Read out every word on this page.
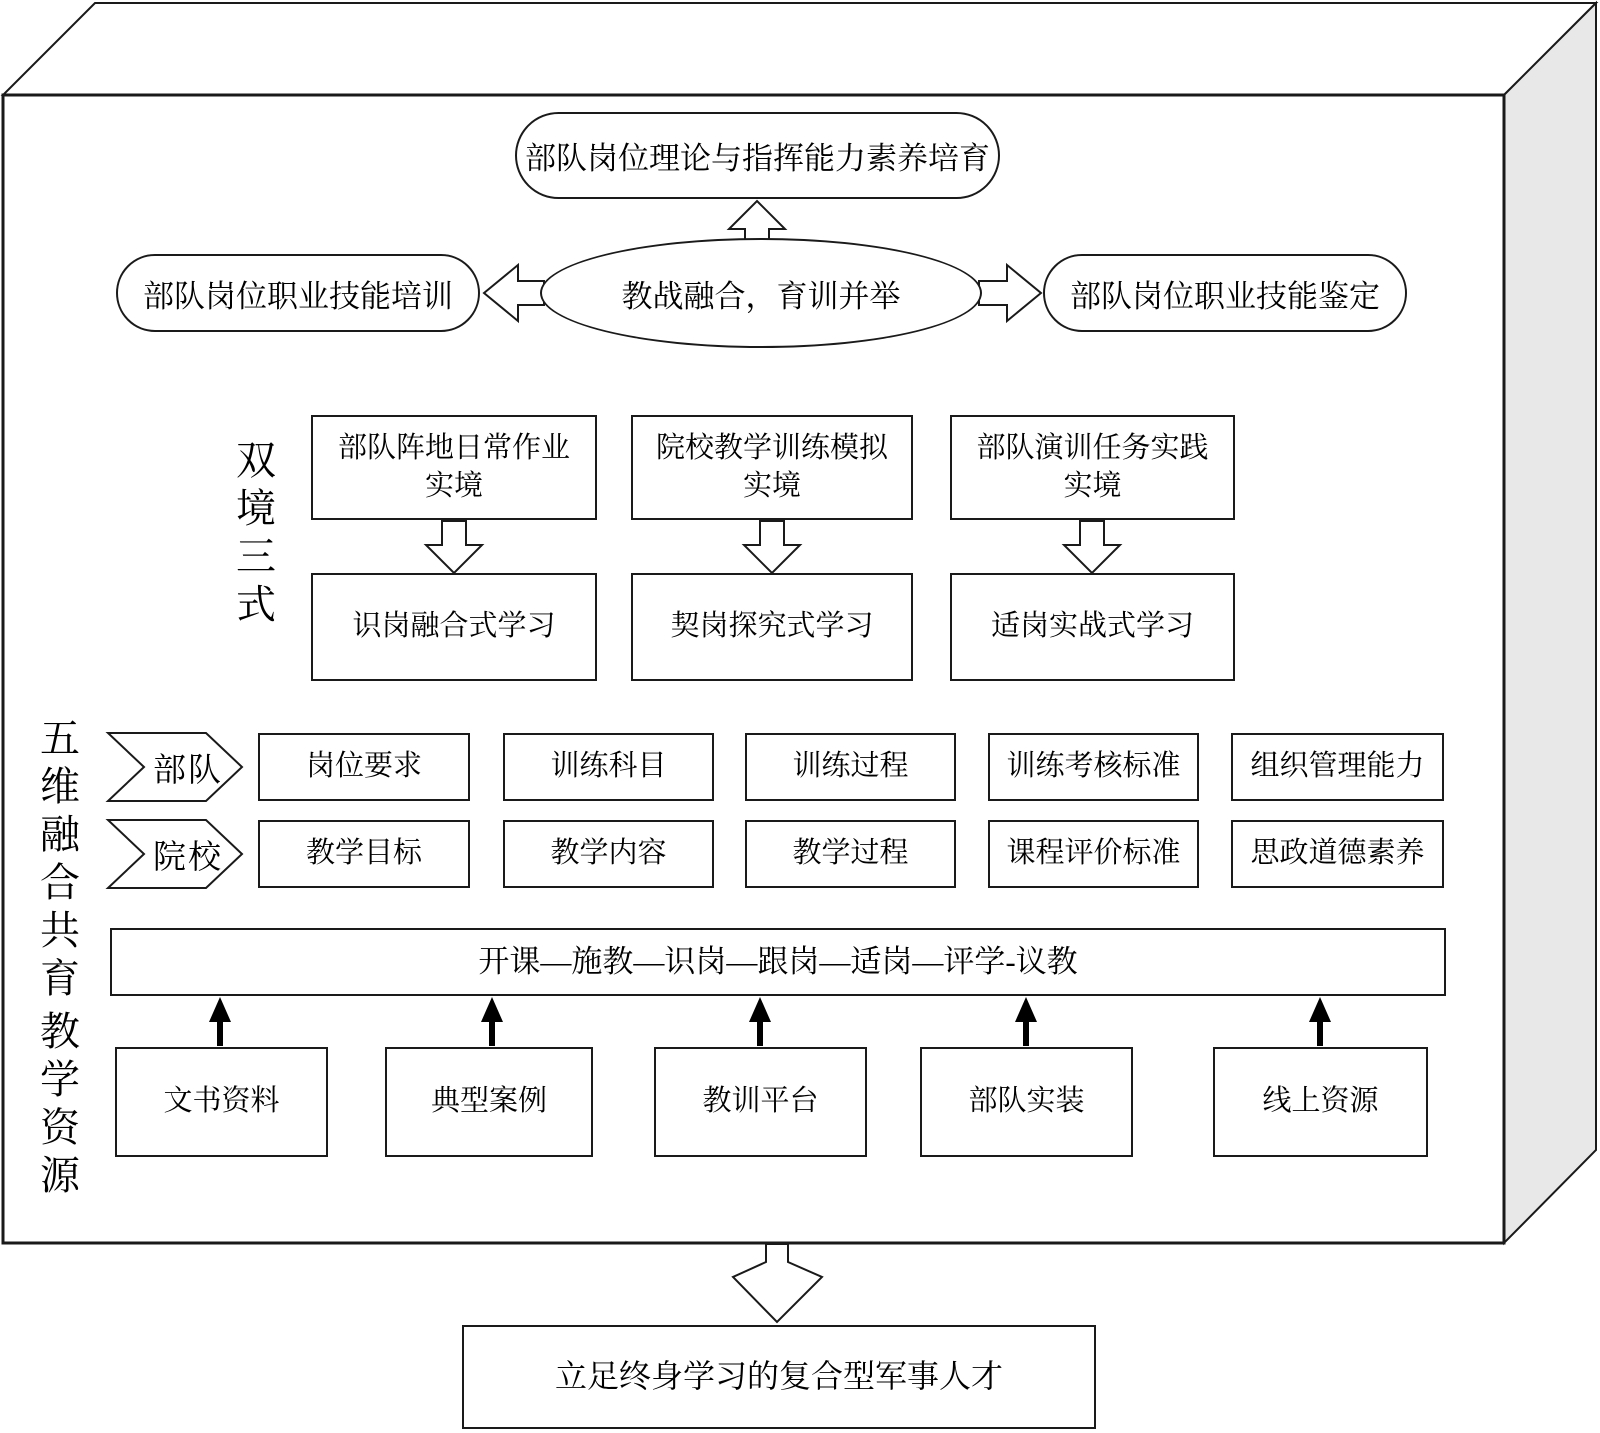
部队岗位理论与指挥能力素养培育
教战融合，育训并举
部队岗位职业技能培训	部队岗位职业技能鉴定
双境三式	部队阵地日常作业实境
院校教学训练模拟实境
部队演训任务实践实境
识岗融合式学习	契岗探究式学习	适岗实战式学习
五维融合共育	部队
院校
岗位要求	训练科目	训练过程	训练考核标准 组织管理能力
教学目标	教学内容	教学过程	课程评价标准 思政道德素养
开课—施教—识岗—跟岗—适岗—评学-议教
教学资源	文书资料	典型案例	教训平台	部队实装	线上资源
立足终身学习的复合型军事人才
